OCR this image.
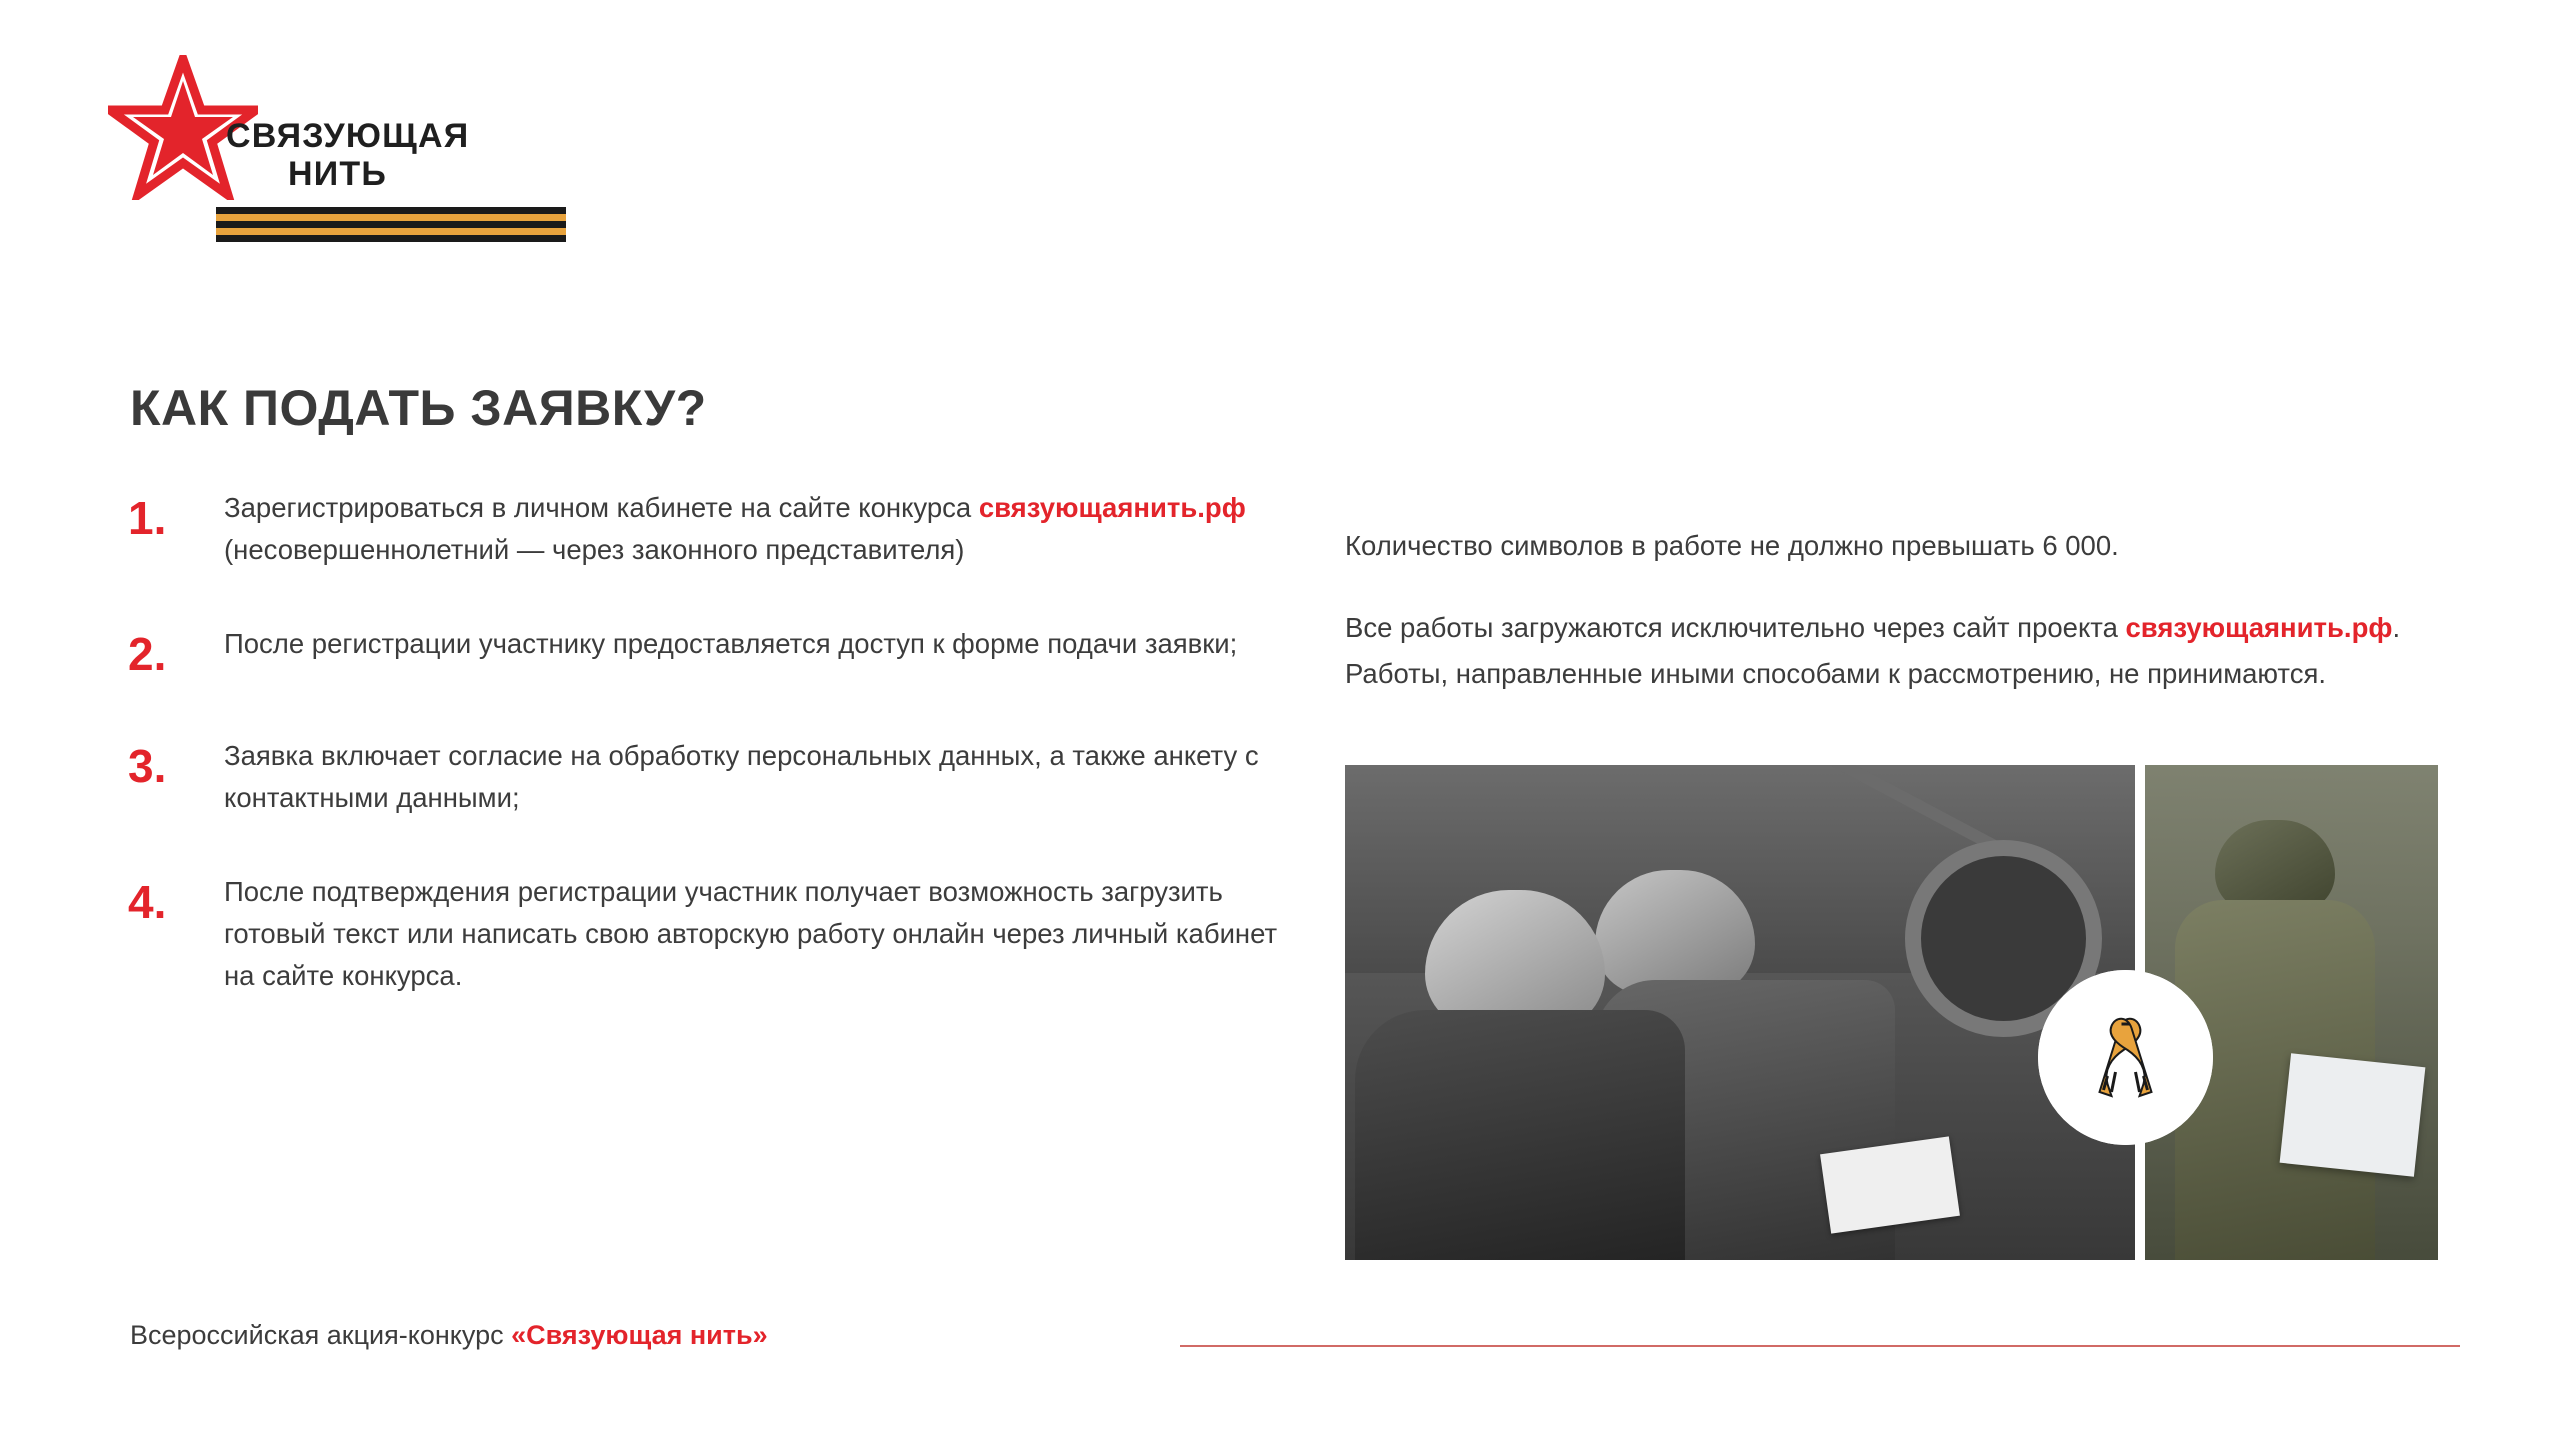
СВЯЗУЮЩАЯ
НИТЬ
КАК ПОДАТЬ ЗАЯВКУ?
1.	Зарегистрироваться в личном кабинете на сайте конкурса связующаянить.рф (несовершеннолетний — через законного представителя)
2.	После регистрации участнику предоставляется доступ к форме подачи заявки;
3.	Заявка включает согласие на обработку персональных данных, а также анкету с контактными данными;
4.	После подтверждения регистрации участник получает возможность загрузить готовый текст или написать свою авторскую работу онлайн через личный кабинет на сайте конкурса.

Количество символов в работе не должно превышать 6 000.

Все работы загружаются исключительно через сайт проекта связующаянить.рф. Работы, направленные иными способами к рассмотрению, не принимаются.

Всероссийская акция-конкурс «Связующая нить»
